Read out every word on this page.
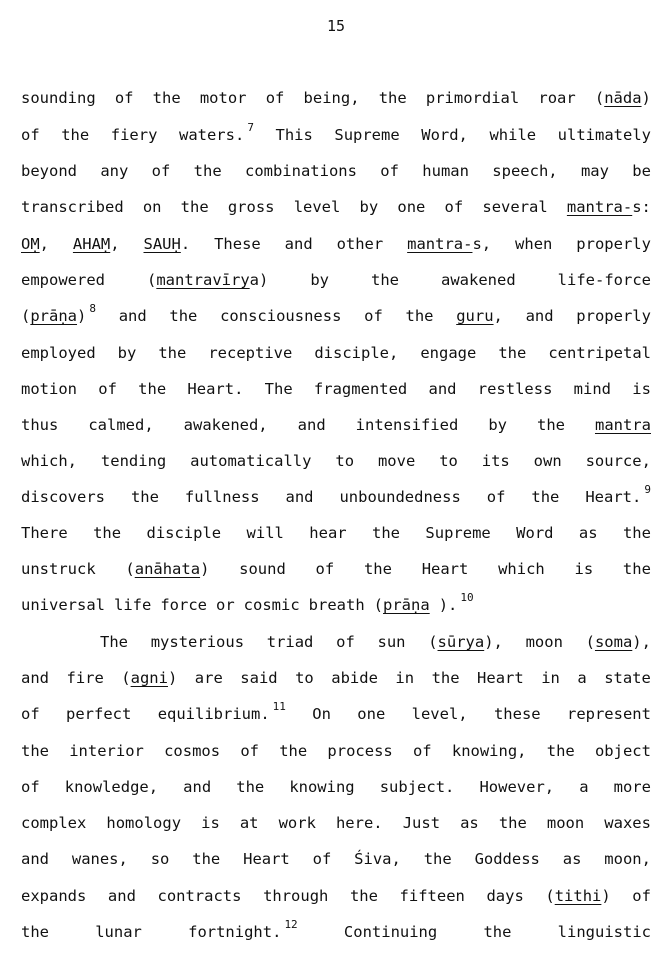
15
sounding of the motor of being, the primordial roar (nāda)
of the fiery waters. $^7$ This Supreme Word, while ultimately
beyond any of the combinations of human speech, may be
transcribed on the gross level by one of several mantra-s:
OṂ, AHAṂ, SAUḤ. These and other mantra-s, when properly
empowered	(mantravīrya)	by	the	awakened	life-force
(prāṇa) $^8$ and the consciousness of the guru, and properly
employed by the receptive disciple, engage the centripetal
motion of the Heart. The fragmented and restless mind is
thus calmed, awakened, and intensified by the mantra
which, tending automatically to move to its own source,
discovers the fullness and unboundedness of the Heart. $^9$
There the disciple will hear the Supreme Word as the
unstruck (anāhata) sound of the Heart which is the
universal life force or cosmic breath (prāṇa ). $^{10}$
The mysterious triad of sun (sūrya), moon (soma),
and fire (agni) are said to abide in the Heart in a state
of perfect equilibrium. $^{11}$ On one level, these represent
the interior cosmos of the process of knowing, the object
of knowledge, and the knowing subject. However, a more
complex homology is at work here. Just as the moon waxes
and wanes, so the Heart of Śiva, the Goddess as moon,
expands and contracts through the fifteen days (tithi) of
the	lunar	fortnight. $^{12}$	Continuing	the	linguistic
